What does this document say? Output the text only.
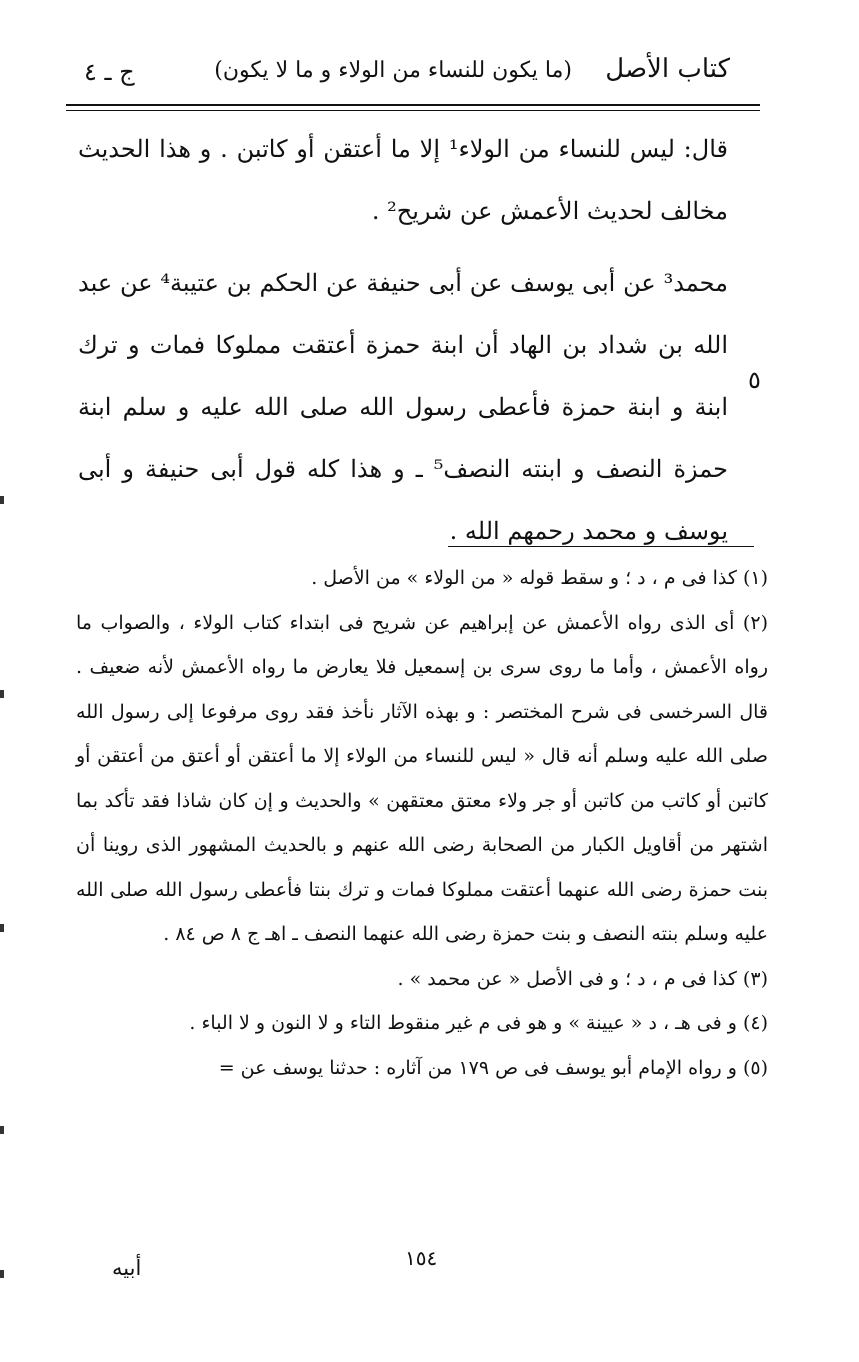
كتاب الأصل
(ما يكون للنساء من الولاء و ما لا يكون)
ج ـ ٤

قال: ليس للنساء من الولاء¹ إلا ما أعتقن أو كاتبن . و هذا الحديث مخالف لحديث الأعمش عن شريح² .

محمد³ عن أبى يوسف عن أبى حنيفة عن الحكم بن عتيبة⁴ عن عبد الله بن شداد بن الهاد أن ابنة حمزة أعتقت مملوكا فمات و ترك ابنة و ابنة حمزة فأعطى رسول الله صلى الله عليه و سلم ابنة حمزة النصف و ابنته النصف⁵ ـ و هذا كله قول أبى حنيفة و أبى يوسف و محمد رحمهم الله .

٥

(١) كذا فى م ، د ؛ و سقط قوله « من الولاء » من الأصل .

(٢) أى الذى رواه الأعمش عن إبراهيم عن شريح فى ابتداء كتاب الولاء ، والصواب ما رواه الأعمش ، وأما ما روى سرى بن إسمعيل فلا يعارض ما رواه الأعمش لأنه ضعيف . قال السرخسى فى شرح المختصر : و بهذه الآثار نأخذ فقد روى مرفوعا إلى رسول الله صلى الله عليه وسلم أنه قال « ليس للنساء من الولاء إلا ما أعتقن أو أعتق من أعتقن أو كاتبن أو كاتب من كاتبن أو جر ولاء معتق معتقهن » والحديث و إن كان شاذا فقد تأكد بما اشتهر من أقاويل الكبار من الصحابة رضى الله عنهم و بالحديث المشهور الذى روينا أن بنت حمزة رضى الله عنهما أعتقت مملوكا فمات و ترك بنتا فأعطى رسول الله صلى الله عليه وسلم بنته النصف و بنت حمزة رضى الله عنهما النصف ـ اهـ ج ٨ ص ٨٤ .

(٣) كذا فى م ، د ؛ و فى الأصل « عن محمد » .

(٤) و فى هـ ، د « عيينة » و هو فى م غير منقوط التاء و لا النون و لا الباء .

(٥) و رواه الإمام أبو يوسف فى ص ١٧٩ من آثاره : حدثنا يوسف عن =

١٥٤
أبيه
